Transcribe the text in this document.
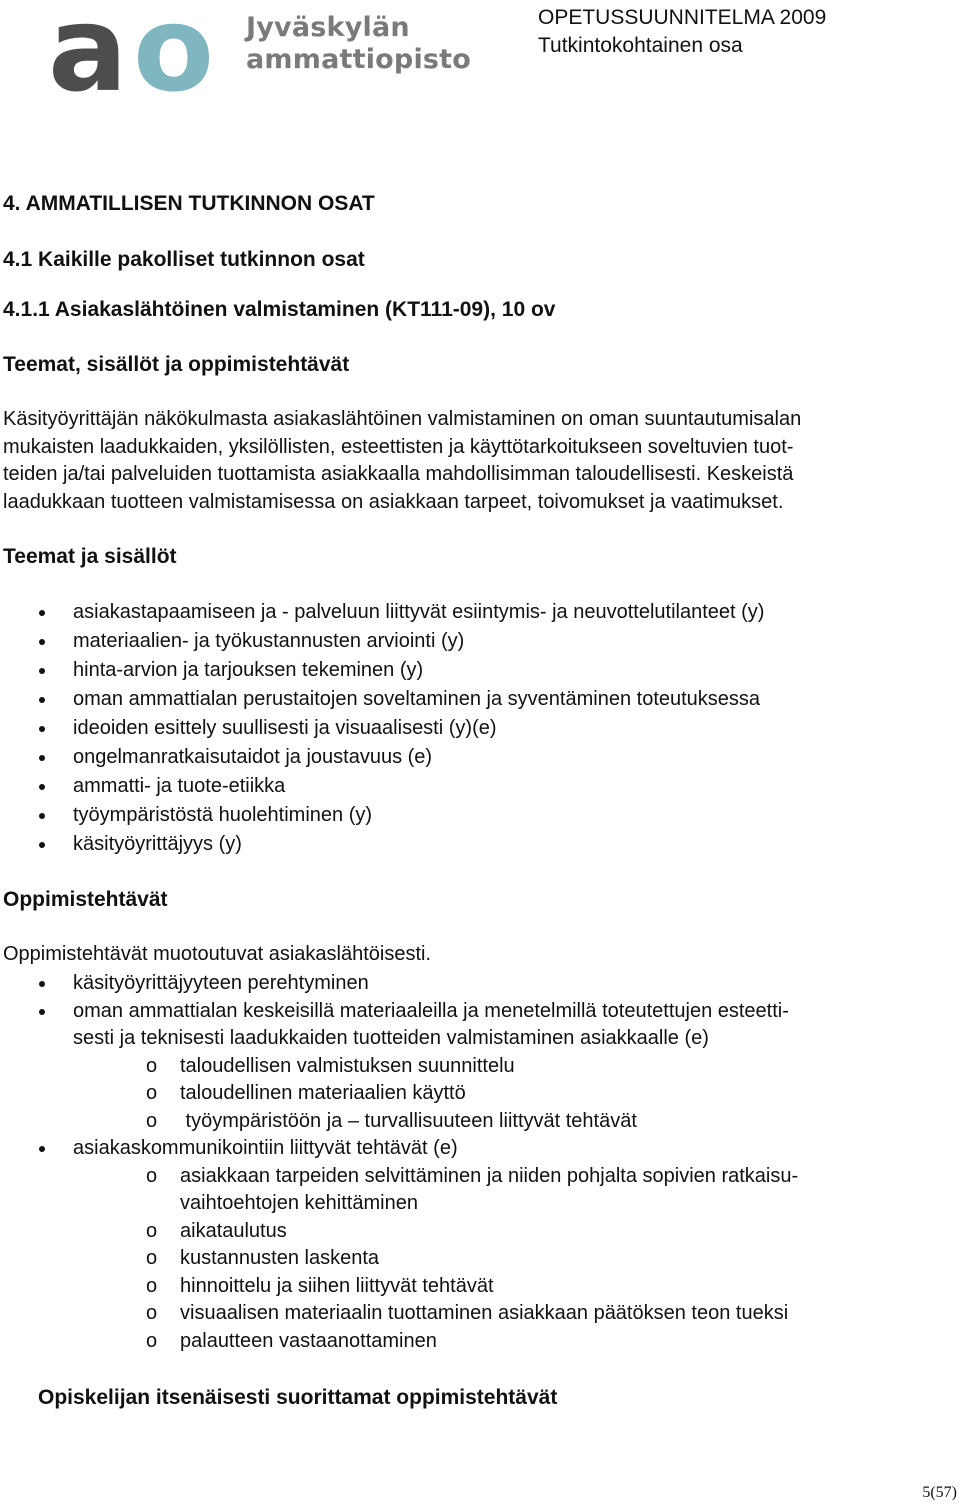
a o Jyväskylän
ammattiopisto
OPETUSSUUNNITELMA 2009
Tutkintokohtainen osa
4. AMMATILLISEN TUTKINNON OSAT
4.1 Kaikille pakolliset tutkinnon osat
4.1.1 Asiakaslähtöinen valmistaminen (KT111-09), 10 ov
Teemat, sisällöt ja oppimistehtävät

Käsityöyrittäjän näkökulmasta asiakaslähtöinen valmistaminen on oman suuntautumisalan

mukaisten laadukkaiden, yksilöllisten, esteettisten ja käyttötarkoitukseen soveltuvien tuot-

teiden ja/tai palveluiden tuottamista asiakkaalla mahdollisimman taloudellisesti. Keskeistä

laadukkaan tuotteen valmistamisessa on asiakkaan tarpeet, toivomukset ja vaatimukset.

Teemat ja sisällöt
asiakastapaamiseen ja - palveluun liittyvät esiintymis- ja neuvottelutilanteet (y)
materiaalien- ja työkustannusten arviointi (y)
hinta-arvion ja tarjouksen tekeminen (y)
oman ammattialan perustaitojen soveltaminen ja syventäminen toteutuksessa
ideoiden esittely suullisesti ja visuaalisesti (y)(e)
ongelmanratkaisutaidot ja joustavuus (e)
ammatti- ja tuote-etiikka
työympäristöstä huolehtiminen (y)
käsityöyrittäjyys (y)
Oppimistehtävät

Oppimistehtävät muotoutuvat asiakaslähtöisesti.

käsityöyrittäjyyteen perehtyminen
oman ammattialan keskeisillä materiaaleilla ja menetelmillä toteutettujen esteetti-
sesti ja teknisesti laadukkaiden tuotteiden valmistaminen asiakkaalle (e)
o taloudellisen valmistuksen suunnittelu
o taloudellinen materiaalien käyttö
o työympäristöön ja – turvallisuuteen liittyvät tehtävät
asiakaskommunikointiin liittyvät tehtävät (e)
o asiakkaan tarpeiden selvittäminen ja niiden pohjalta sopivien ratkaisu-
vaihtoehtojen kehittäminen
o aikataulutus
o kustannusten laskenta
o hinnoittelu ja siihen liittyvät tehtävät
o visuaalisen materiaalin tuottaminen asiakkaan päätöksen teon tueksi
o palautteen vastaanottaminen
Opiskelijan itsenäisesti suorittamat oppimistehtävät
5(57)
